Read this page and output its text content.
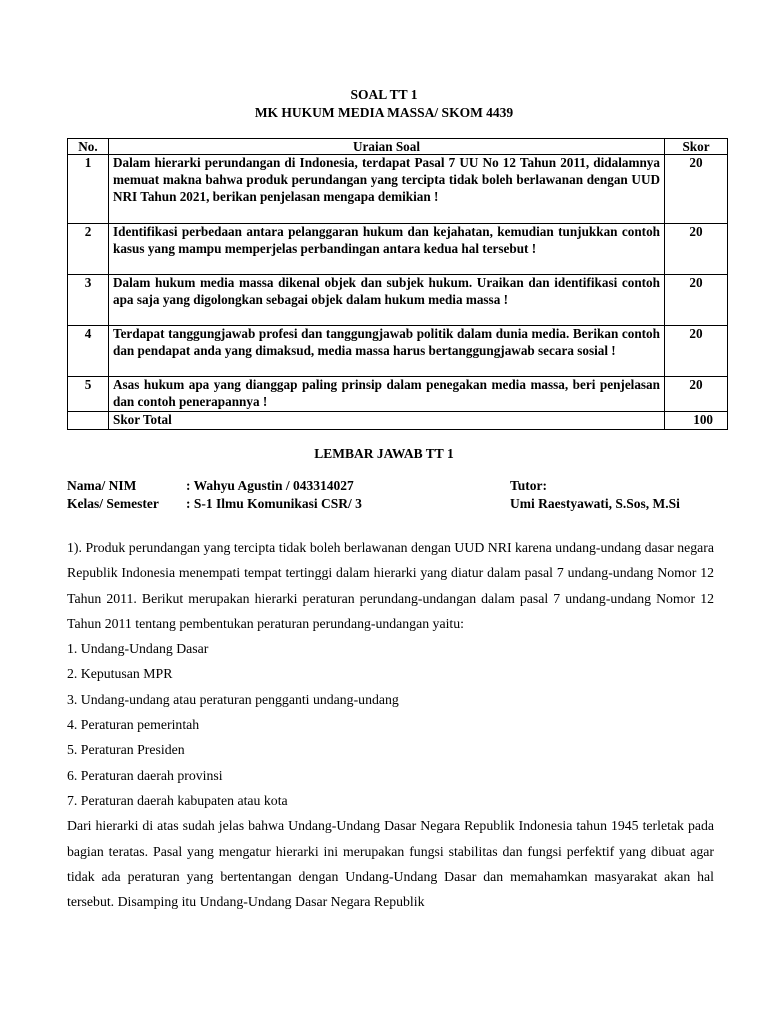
SOAL TT 1
MK HUKUM MEDIA MASSA/ SKOM 4439
No.	Uraian Soal	Skor
1	Dalam hierarki perundangan di Indonesia, terdapat Pasal 7 UU No 12 Tahun 2011, didalamnya memuat makna bahwa produk perundangan yang tercipta tidak boleh berlawanan dengan UUD NRI Tahun 2021, berikan penjelasan mengapa demikian !	20
2	Identifikasi perbedaan antara pelanggaran hukum dan kejahatan, kemudian tunjukkan contoh kasus yang mampu memperjelas perbandingan antara kedua hal tersebut !	20
3	Dalam hukum media massa dikenal objek dan subjek hukum. Uraikan dan identifikasi contoh apa saja yang digolongkan sebagai objek dalam hukum media massa !	20
4	Terdapat tanggungjawab profesi dan tanggungjawab politik dalam dunia media. Berikan contoh dan pendapat anda yang dimaksud, media massa harus bertanggungjawab secara sosial !	20
5	Asas hukum apa yang dianggap paling prinsip dalam penegakan media massa, beri penjelasan dan contoh penerapannya !	20
	Skor Total	100
LEMBAR JAWAB TT 1
Nama/ NIM	: Wahyu Agustin / 043314027	Tutor:
Kelas/ Semester : S-1 Ilmu Komunikasi CSR/ 3	Umi Raestyawati, S.Sos, M.Si

1). Produk perundangan yang tercipta tidak boleh berlawanan dengan UUD NRI karena undang-undang dasar negara Republik Indonesia menempati tempat tertinggi dalam hierarki yang diatur dalam pasal 7 undang-undang Nomor 12 Tahun 2011. Berikut merupakan hierarki peraturan perundang-undangan dalam pasal 7 undang-undang Nomor 12 Tahun 2011 tentang pembentukan peraturan perundang-undangan yaitu:

1. Undang-Undang Dasar

2. Keputusan MPR

3. Undang-undang atau peraturan pengganti undang-undang

4. Peraturan pemerintah

5. Peraturan Presiden

6. Peraturan daerah provinsi

7. Peraturan daerah kabupaten atau kota

Dari hierarki di atas sudah jelas bahwa Undang-Undang Dasar Negara Republik Indonesia tahun 1945 terletak pada bagian teratas. Pasal yang mengatur hierarki ini merupakan fungsi stabilitas dan fungsi perfektif yang dibuat agar tidak ada peraturan yang bertentangan dengan Undang-Undang Dasar dan memahamkan masyarakat akan hal tersebut. Disamping itu Undang-Undang Dasar Negara Republik
